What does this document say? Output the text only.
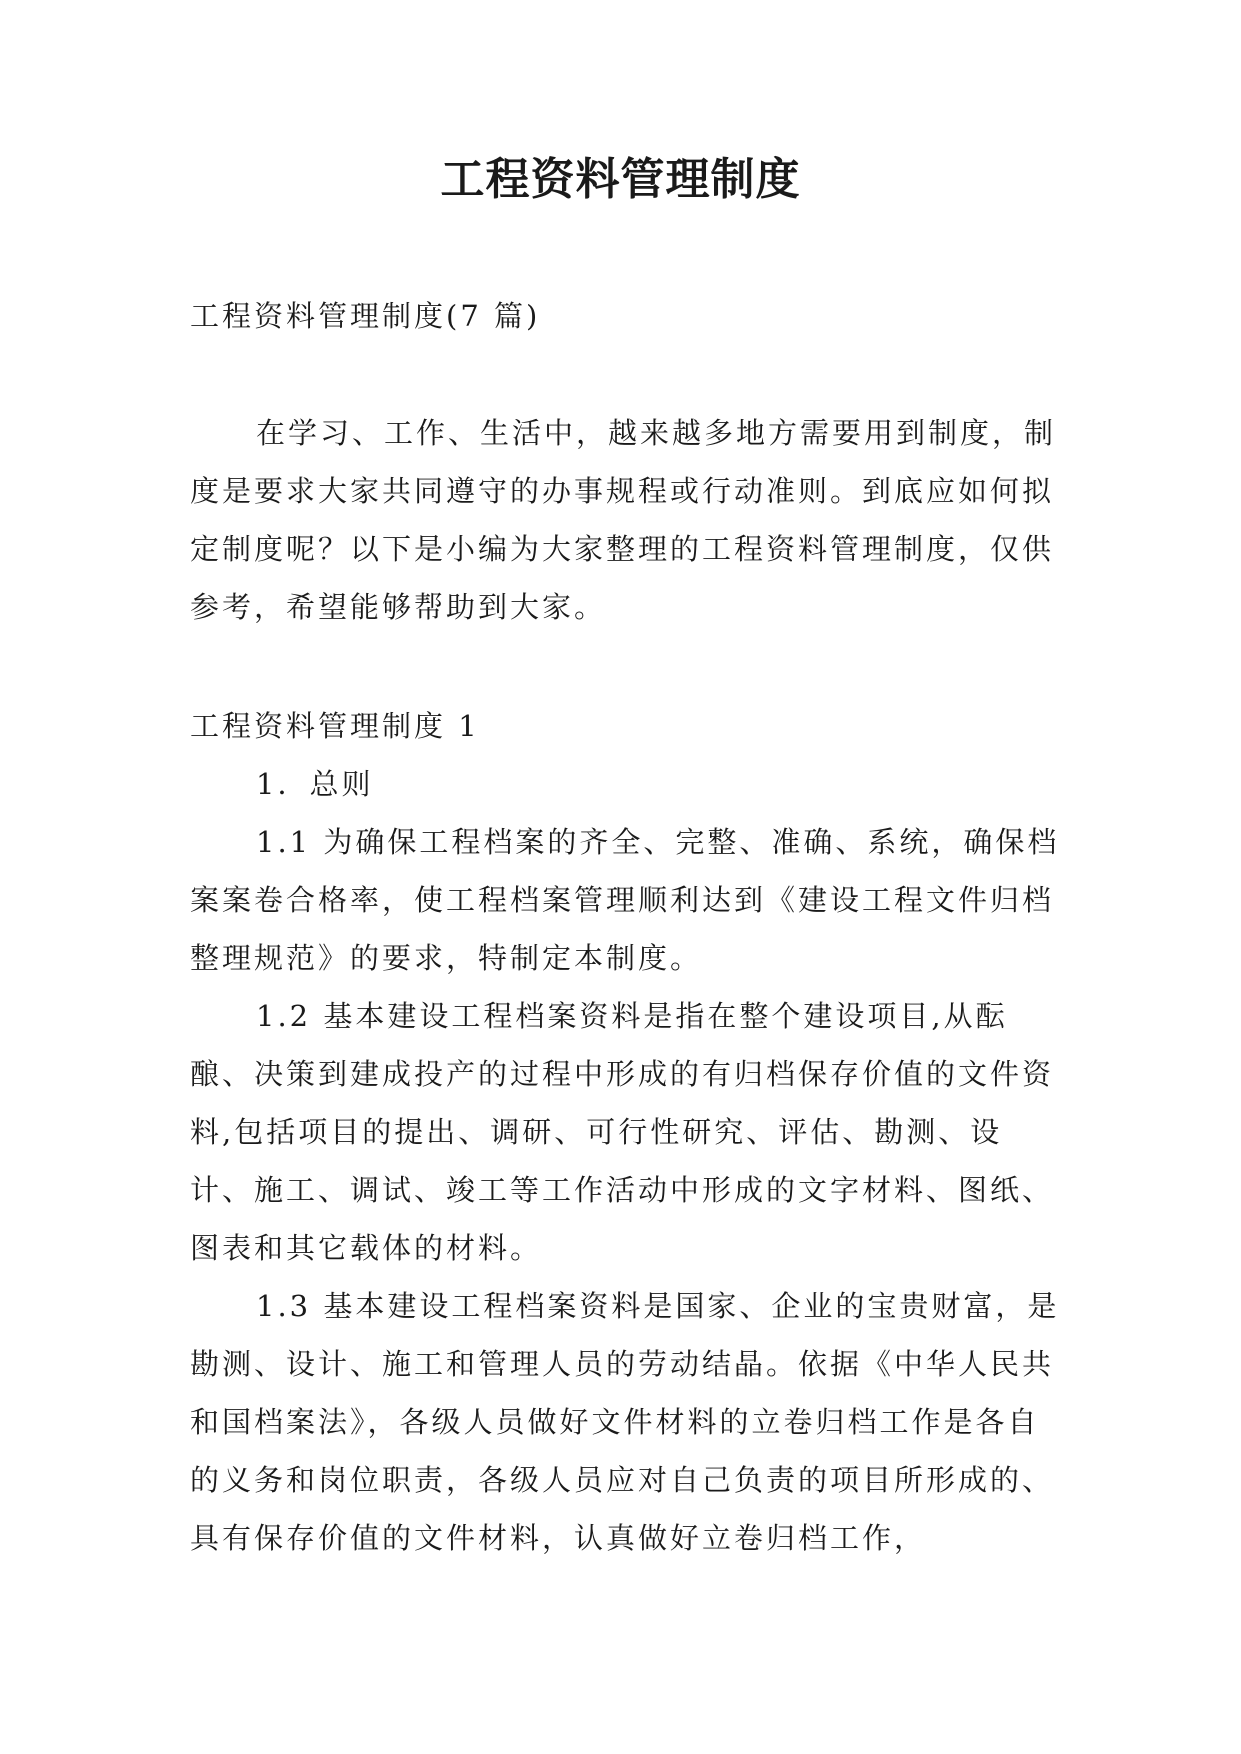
工程资料管理制度
工程资料管理制度(7 篇)

在学习、工作、生活中，越来越多地方需要用到制度，制度是要求大家共同遵守的办事规程或行动准则。到底应如何拟定制度呢？以下是小编为大家整理的工程资料管理制度，仅供参考，希望能够帮助到大家。

工程资料管理制度 1

1．总则

1.1 为确保工程档案的齐全、完整、准确、系统，确保档案案卷合格率，使工程档案管理顺利达到《建设工程文件归档整理规范》的要求，特制定本制度。

1.2 基本建设工程档案资料是指在整个建设项目,从酝酿、决策到建成投产的过程中形成的有归档保存价值的文件资料,包括项目的提出、调研、可行性研究、评估、勘测、设计、施工、调试、竣工等工作活动中形成的文字材料、图纸、图表和其它载体的材料。

1.3 基本建设工程档案资料是国家、企业的宝贵财富，是勘测、设计、施工和管理人员的劳动结晶。依据《中华人民共和国档案法》，各级人员做好文件材料的立卷归档工作是各自的义务和岗位职责，各级人员应对自己负责的项目所形成的、具有保存价值的文件材料，认真做好立卷归档工作，
